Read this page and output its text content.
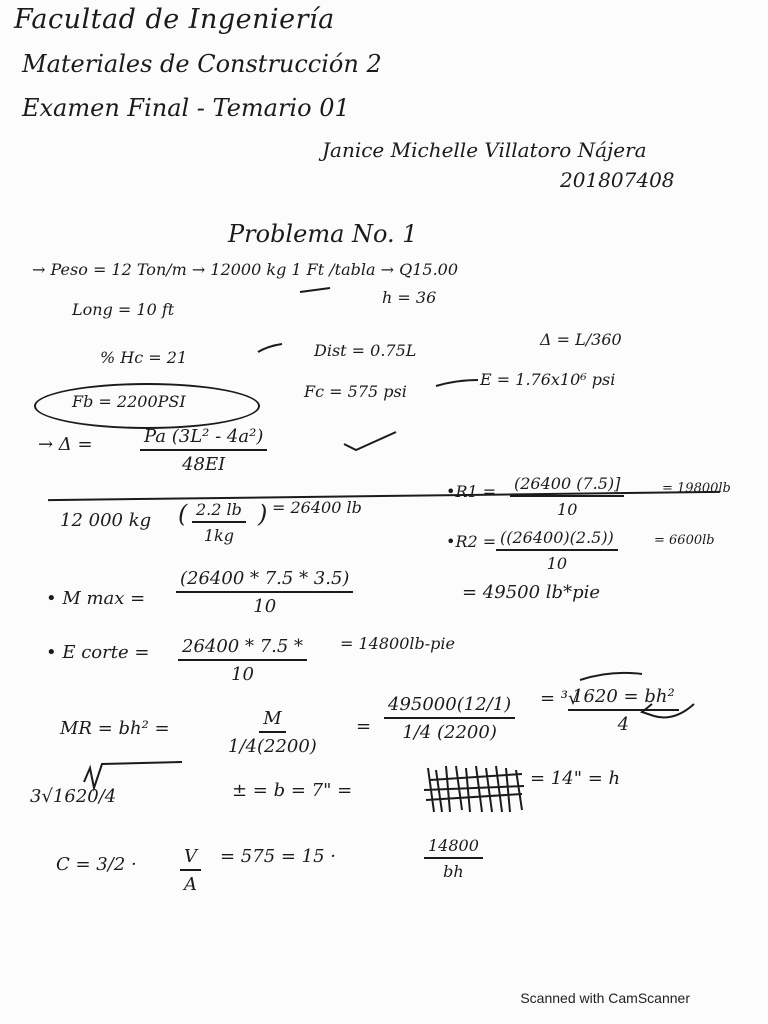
Facultad de Ingeniería
Materiales de Construcción 2
Examen Final - Temario 01
Janice Michelle Villatoro Nájera
201807408
Problema No. 1
→ Peso = 12 Ton/m → 12000 kg 1 Ft /tabla → Q15.00
h = 36
Long = 10 ft
% Hc = 21	Dist = 0.75L
Δ = L/360
Fb = 2200PSI
Fc = 575 psi
E = 1.76x10⁶ psi
→ Δ =	$\frac{\text{Pa (3L² - 4a²)}}{48EI}$
12 000 kg ( $\frac{2.2 lb}{1kg}$ ) = 26400 lb
•R1 = $\frac{(26400 (7.5)]}{10}$	= 19800lb
•R2 = $\frac{((26400)(2.5))}{10}$	= 6600lb
• M $\max = \frac{(26400 * 7.5 * 3.5)}{10}$	= 49500 lb*pie
• E corte = $\frac{26400 * 7.5 *}{10} = 14800lb-pie$
MR = bh² =	$\frac{M}{1/4(2200)} = \frac{495000(12/1)}{1/4 (2200)} = ^3√$
$\frac{\text{1620 = bh²}}{4}$
3√1620/4	± = b = 7" =
= 14" = h
$C = 3/2 \cdot \frac{V}{A} = 575 = 15$ ·	$\frac{14800}{bh}$
Scanned with CamScanner
